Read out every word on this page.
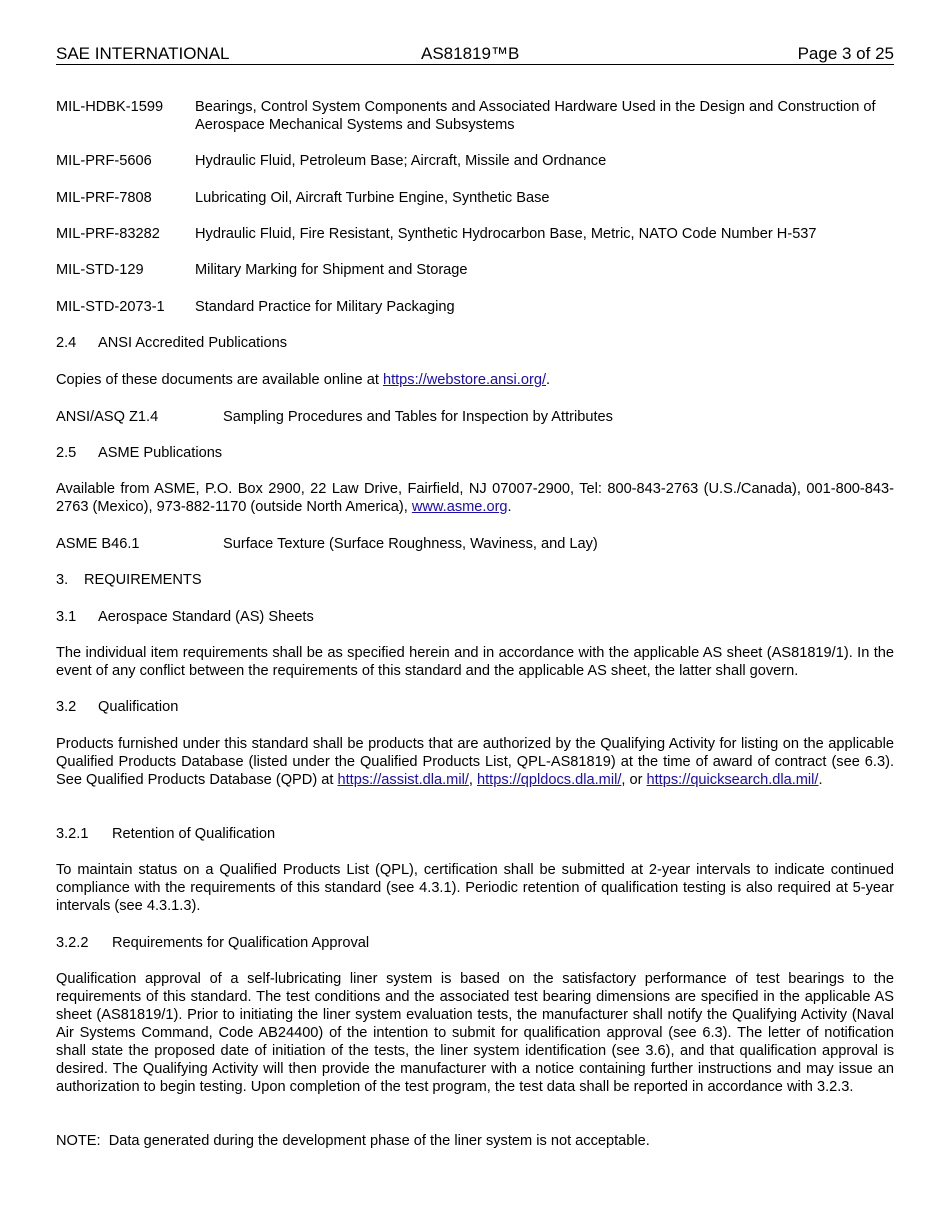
SAE INTERNATIONAL	AS81819™B	Page 3 of 25
MIL-HDBK-1599 Bearings, Control System Components and Associated Hardware Used in the Design and Construction of Aerospace Mechanical Systems and Subsystems
MIL-PRF-5606	Hydraulic Fluid, Petroleum Base; Aircraft, Missile and Ordnance
MIL-PRF-7808	Lubricating Oil, Aircraft Turbine Engine, Synthetic Base
MIL-PRF-83282 Hydraulic Fluid, Fire Resistant, Synthetic Hydrocarbon Base, Metric, NATO Code Number H-537
MIL-STD-129	Military Marking for Shipment and Storage
MIL-STD-2073-1 Standard Practice for Military Packaging
2.4 ANSI Accredited Publications
Copies of these documents are available online at https://webstore.ansi.org/.
ANSI/ASQ Z1.4	Sampling Procedures and Tables for Inspection by Attributes
2.5 ASME Publications
Available from ASME, P.O. Box 2900, 22 Law Drive, Fairfield, NJ 07007-2900, Tel: 800-843-2763 (U.S./Canada), 001-800-843-2763 (Mexico), 973-882-1170 (outside North America), www.asme.org.
ASME B46.1	Surface Texture (Surface Roughness, Waviness, and Lay)
3. REQUIREMENTS
3.1 Aerospace Standard (AS) Sheets
The individual item requirements shall be as specified herein and in accordance with the applicable AS sheet (AS81819/1). In the event of any conflict between the requirements of this standard and the applicable AS sheet, the latter shall govern.
3.2 Qualification
Products furnished under this standard shall be products that are authorized by the Qualifying Activity for listing on the applicable Qualified Products Database (listed under the Qualified Products List, QPL-AS81819) at the time of award of contract (see 6.3). See Qualified Products Database (QPD) at https://assist.dla.mil/, https://qpldocs.dla.mil/, or https://quicksearch.dla.mil/.
3.2.1 Retention of Qualification
To maintain status on a Qualified Products List (QPL), certification shall be submitted at 2-year intervals to indicate continued compliance with the requirements of this standard (see 4.3.1). Periodic retention of qualification testing is also required at 5-year intervals (see 4.3.1.3).
3.2.2 Requirements for Qualification Approval
Qualification approval of a self-lubricating liner system is based on the satisfactory performance of test bearings to the requirements of this standard. The test conditions and the associated test bearing dimensions are specified in the applicable AS sheet (AS81819/1). Prior to initiating the liner system evaluation tests, the manufacturer shall notify the Qualifying Activity (Naval Air Systems Command, Code AB24400) of the intention to submit for qualification approval (see 6.3). The letter of notification shall state the proposed date of initiation of the tests, the liner system identification (see 3.6), and that qualification approval is desired. The Qualifying Activity will then provide the manufacturer with a notice containing further instructions and may issue an authorization to begin testing. Upon completion of the test program, the test data shall be reported in accordance with 3.2.3.
NOTE:  Data generated during the development phase of the liner system is not acceptable.
